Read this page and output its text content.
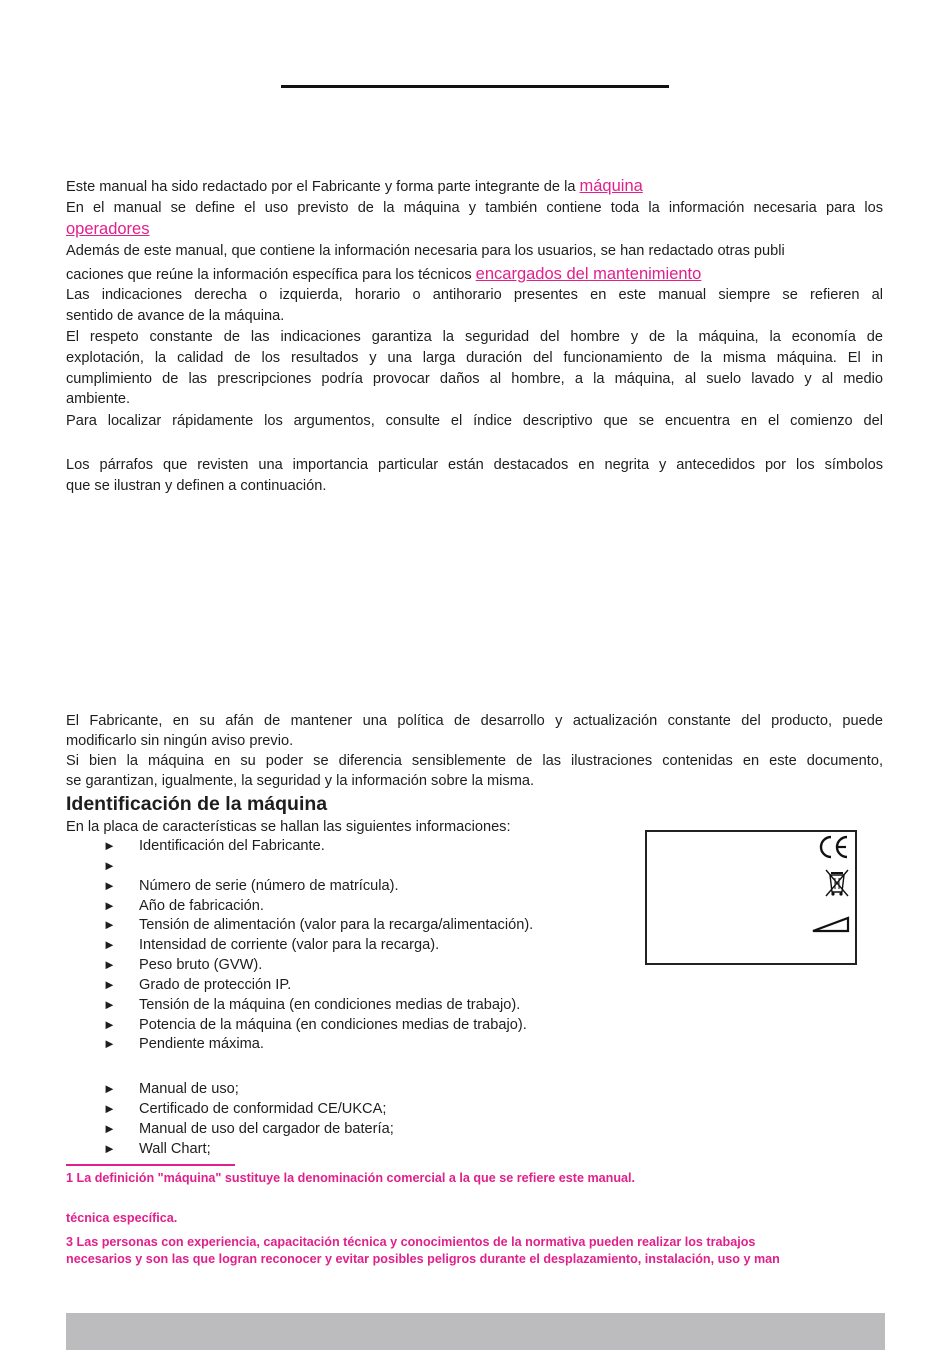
Este manual ha sido redactado por el Fabricante y forma parte integrante de la máquina

En el manual se define el uso previsto de la máquina y también contiene toda la información necesaria para los
operadores

Además de este manual, que contiene la información necesaria para los usuarios, se han redactado otras publi
caciones que reúne la información específica para los técnicos encargados del mantenimiento

Las indicaciones derecha o izquierda, horario o antihorario presentes en este manual siempre se refieren al
sentido de avance de la máquina.

El respeto constante de las indicaciones garantiza la seguridad del hombre y de la máquina, la economía de
explotación, la calidad de los resultados y una larga duración del funcionamiento de la misma máquina. El in
cumplimiento de las prescripciones podría provocar daños al hombre, a la máquina, al suelo lavado y al medio
ambiente.

Para localizar rápidamente los argumentos, consulte el índice descriptivo que se encuentra en el comienzo del

Los párrafos que revisten una importancia particular están destacados en negrita y antecedidos por los símbolos
que se ilustran y definen a continuación.

El Fabricante, en su afán de mantener una política de desarrollo y actualización constante del producto, puede
modificarlo sin ningún aviso previo.

Si bien la máquina en su poder se diferencia sensiblemente de las ilustraciones contenidas en este documento,
se garantizan, igualmente, la seguridad y la información sobre la misma.

Identificación de la máquina
En la placa de características se hallan las siguientes informaciones:
► Identificación del Fabricante.
►
► Número de serie (número de matrícula).
► Año de fabricación.
► Tensión de alimentación (valor para la recarga/alimentación).
► Intensidad de corriente (valor para la recarga).
► Peso bruto (GVW).
► Grado de protección IP.
► Tensión de la máquina (en condiciones medias de trabajo).
► Potencia de la máquina (en condiciones medias de trabajo).
► Pendiente máxima.
► Manual de uso;
► Certificado de conformidad CE/UKCA;
► Manual de uso del cargador de batería;
► Wall Chart;

1 La definición "máquina" sustituye la denominación comercial a la que se refiere este manual.

técnica específica.

3 Las personas con experiencia, capacitación técnica y conocimientos de la normativa pueden realizar los trabajos
necesarios y son las que logran reconocer y evitar posibles peligros durante el desplazamiento, instalación, uso y man
